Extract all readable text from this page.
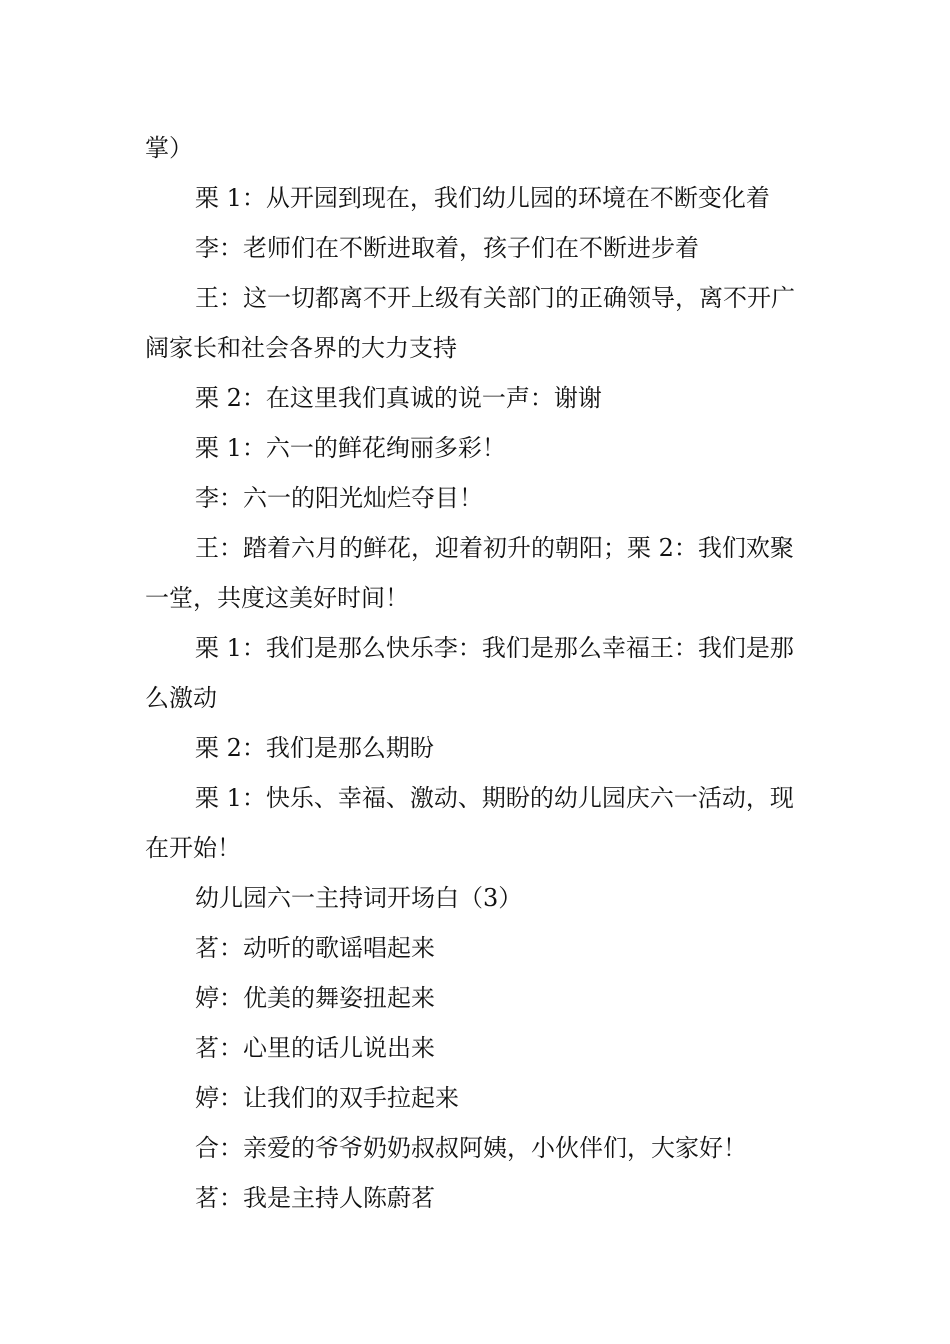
掌）

栗 1：从开园到现在，我们幼儿园的环境在不断变化着

李：老师们在不断进取着，孩子们在不断进步着

王：这一切都离不开上级有关部门的正确领导，离不开广阔家长和社会各界的大力支持

栗 2：在这里我们真诚的说一声：谢谢

栗 1：六一的鲜花绚丽多彩！

李：六一的阳光灿烂夺目！

王：踏着六月的鲜花，迎着初升的朝阳；栗 2：我们欢聚一堂，共度这美好时间！

栗 1：我们是那么快乐李：我们是那么幸福王：我们是那么激动

栗 2：我们是那么期盼

栗 1：快乐、幸福、激动、期盼的幼儿园庆六一活动，现在开始！

幼儿园六一主持词开场白（3）

茗：动听的歌谣唱起来

婷：优美的舞姿扭起来

茗：心里的话儿说出来

婷：让我们的双手拉起来

合：亲爱的爷爷奶奶叔叔阿姨，小伙伴们，大家好！

茗：我是主持人陈蔚茗
